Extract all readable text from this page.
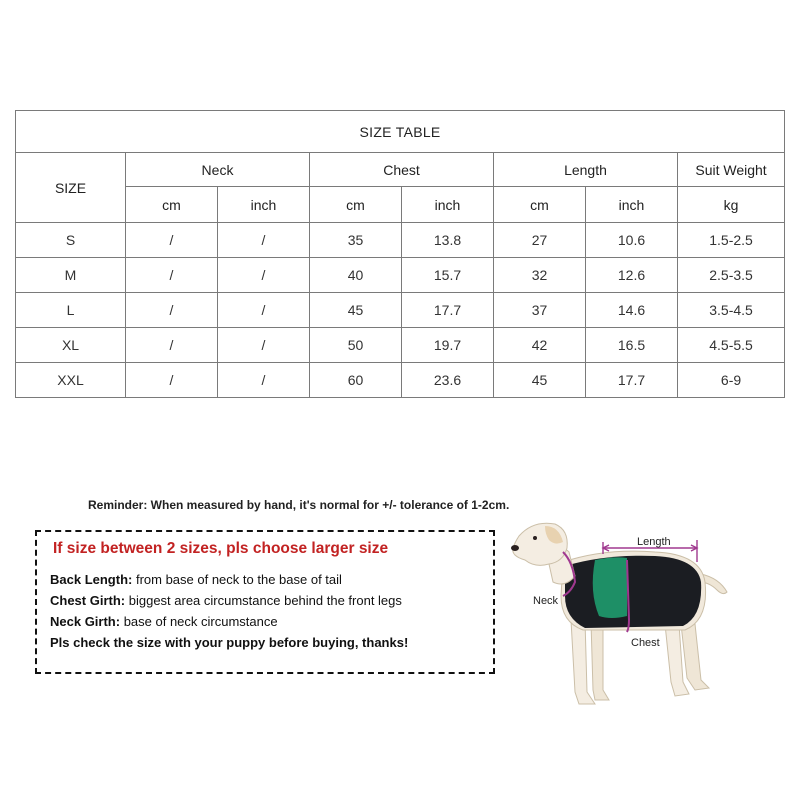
SIZE TABLE							
SIZE	Neck		Chest		Length		Suit Weight
	cm	inch	cm	inch	cm	inch	kg
S	/	/	35	13.8	27	10.6	1.5-2.5
M	/	/	40	15.7	32	12.6	2.5-3.5
L	/	/	45	17.7	37	14.6	3.5-4.5
XL	/	/	50	19.7	42	16.5	4.5-5.5
XXL	/	/	60	23.6	45	17.7	6-9
Reminder: When measured by hand, it's normal for +/- tolerance of 1-2cm.
If size between 2 sizes, pls choose larger size
Back Length: from base of neck to the base of tail
Chest Girth: biggest area circumstance behind the front legs
Neck Girth: base of neck circumstance
Pls check the size with your puppy before buying, thanks!
Length
Neck
Chest
